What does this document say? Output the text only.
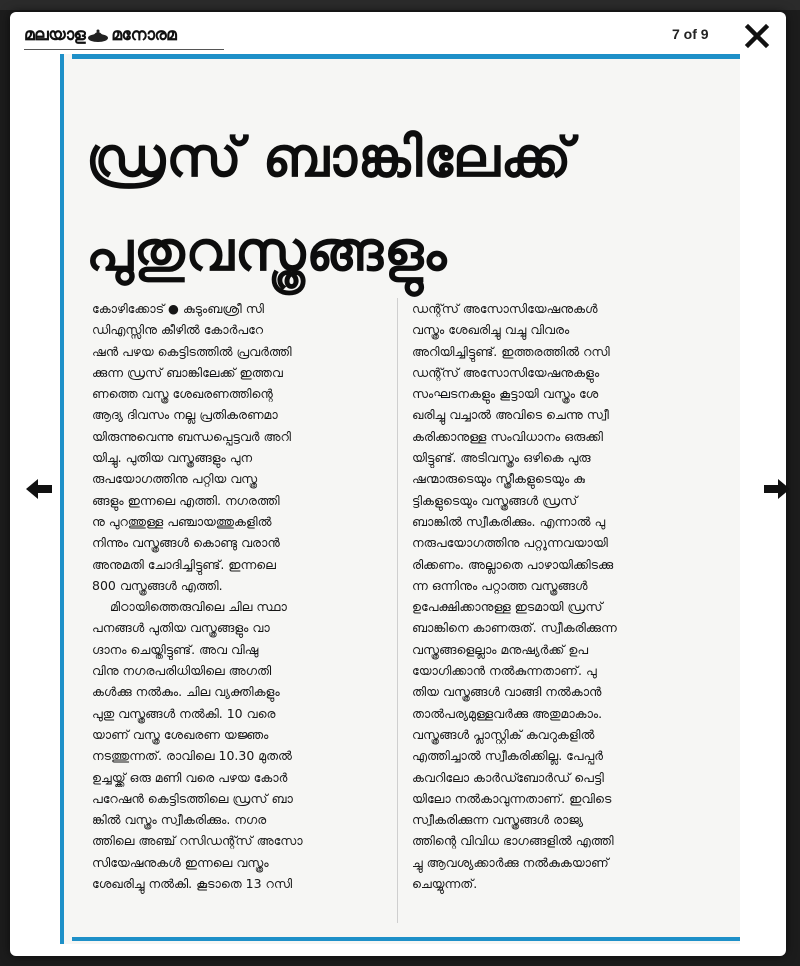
മലയാള മനോരമ	7 of 9
ഡ്രസ് ബാങ്കിലേക്ക്
പുതുവസ്ത്രങ്ങളും
കോഴിക്കോട് ● കുടുംബശ്രീ സി
ഡിഎസ്സിനു കീഴിൽ കോർപറേ
ഷൻ പഴയ കെട്ടിടത്തിൽ പ്രവർത്തി
ക്കുന്ന ഡ്രസ് ബാങ്കിലേക്ക് ഇത്തവ
ണത്തെ വസ്ത്ര ശേഖരണത്തിന്റെ
ആദ്യ ദിവസം നല്ല പ്രതികരണമാ
യിരുന്നുവെന്നു ബന്ധപ്പെട്ടവർ അറി
യിച്ചു. പുതിയ വസ്ത്രങ്ങളും പുന
രുപയോഗത്തിനു പറ്റിയ വസ്ത്ര
ങ്ങളും ഇന്നലെ എത്തി. നഗരത്തി
നു പുറത്തുള്ള പഞ്ചായത്തുകളിൽ
നിന്നും വസ്ത്രങ്ങൾ കൊണ്ടു വരാൻ
അനുമതി ചോദിച്ചിട്ടുണ്ട്. ഇന്നലെ
800 വസ്ത്രങ്ങൾ എത്തി.
മിഠായിത്തെരുവിലെ ചില സ്ഥാ
പനങ്ങൾ പുതിയ വസ്ത്രങ്ങളും വാ
ഗ്ദാനം ചെയ്തിട്ടുണ്ട്. അവ വിഷു
വിനു നഗരപരിധിയിലെ അഗതി
കൾക്കു നൽകും. ചില വ്യക്തികളും
പുതു വസ്ത്രങ്ങൾ നൽകി. 10 വരെ
യാണ് വസ്ത്ര ശേഖരണ യജ്ഞം
നടത്തുന്നത്. രാവിലെ 10.30 മുതൽ
ഉച്ചയ്ക്ക് ഒരു മണി വരെ പഴയ കോർ
പറേഷൻ കെട്ടിടത്തിലെ ഡ്രസ് ബാ
ങ്കിൽ വസ്ത്രം സ്വീകരിക്കും. നഗര
ത്തിലെ അഞ്ച് റസിഡന്റ്സ് അസോ
സിയേഷനുകൾ ഇന്നലെ വസ്ത്രം
ശേഖരിച്ചു നൽകി. കൂടാതെ 13 റസി
ഡന്റ്സ് അസോസിയേഷനുകൾ
വസ്ത്രം ശേഖരിച്ചു വച്ചു വിവരം
അറിയിച്ചിട്ടുണ്ട്. ഇത്തരത്തിൽ റസി
ഡന്റ്സ് അസോസിയേഷനുകളും
സംഘടനകളും കൂട്ടായി വസ്ത്രം ശേ
ഖരിച്ചു വച്ചാൽ അവിടെ ചെന്നു സ്വീ
കരിക്കാനുള്ള സംവിധാനം ഒരുക്കി
യിട്ടുണ്ട്. അടിവസ്ത്രം ഒഴികെ പുരു
ഷന്മാരുടെയും സ്ത്രീകളുടെയും കു
ട്ടികളുടെയും വസ്ത്രങ്ങൾ ഡ്രസ്
ബാങ്കിൽ സ്വീകരിക്കും. എന്നാൽ പു
നരുപയോഗത്തിനു പറ്റുന്നവയായി
രിക്കണം. അല്ലാതെ പാഴായിക്കിടക്കു
ന്ന ഒന്നിനും പറ്റാത്ത വസ്ത്രങ്ങൾ
ഉപേക്ഷിക്കാനുള്ള ഇടമായി ഡ്രസ്
ബാങ്കിനെ കാണരുത്. സ്വീകരിക്കുന്ന
വസ്ത്രങ്ങളെല്ലാം മനുഷ്യർക്ക് ഉപ
യോഗിക്കാൻ നൽകുന്നതാണ്. പു
തിയ വസ്ത്രങ്ങൾ വാങ്ങി നൽകാൻ
താൽപര്യമുള്ളവർക്കു അതുമാകാം.
വസ്ത്രങ്ങൾ പ്ലാസ്റ്റിക് കവറുകളിൽ
എത്തിച്ചാൽ സ്വീകരിക്കില്ല. പേപ്പർ
കവറിലോ കാർഡ്ബോർഡ് പെട്ടി
യിലോ നൽകാവുന്നതാണ്. ഇവിടെ
സ്വീകരിക്കുന്ന വസ്ത്രങ്ങൾ രാജ്യ
ത്തിന്റെ വിവിധ ഭാഗങ്ങളിൽ എത്തി
ച്ചു ആവശ്യക്കാർക്കു നൽകുകയാണ്
ചെയ്യുന്നത്.
